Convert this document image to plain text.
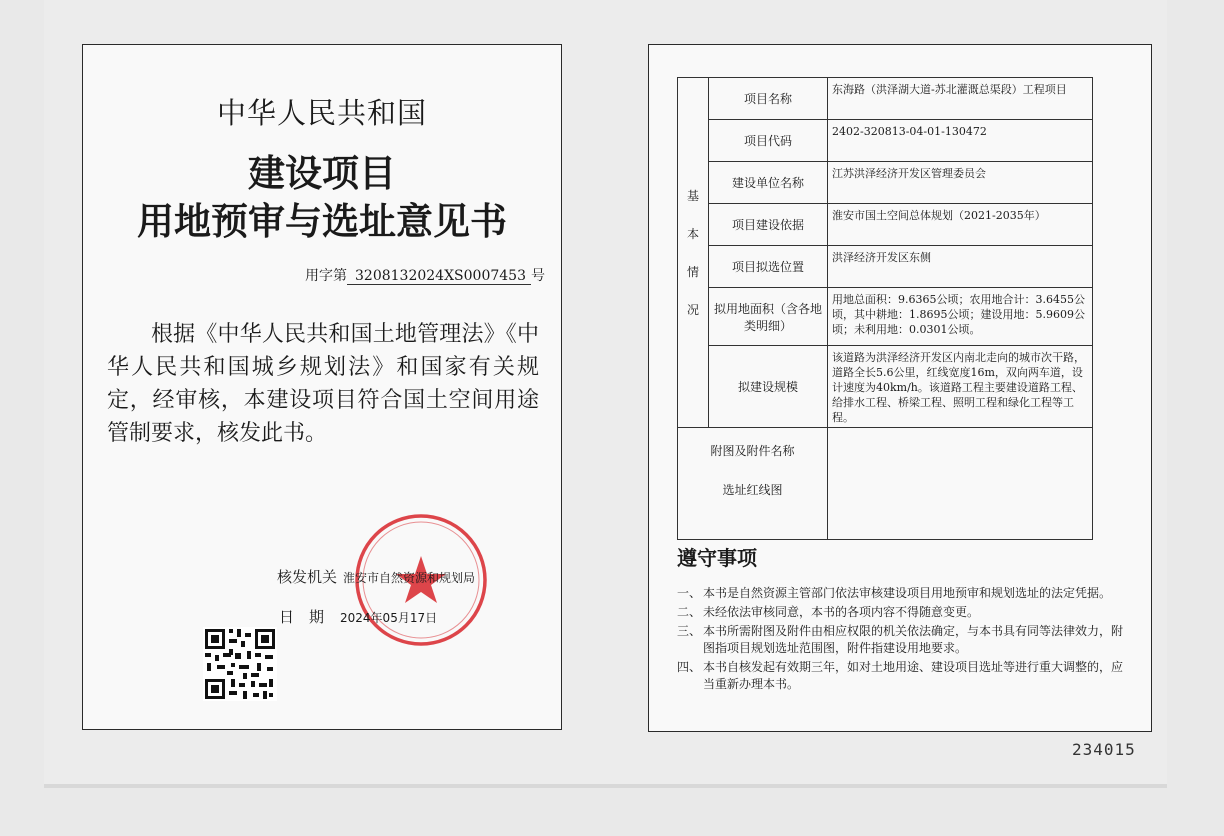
中华人民共和国
建设项目
用地预审与选址意见书
用字第 3208132024XS0007453 号
根据《中华人民共和国土地管理法》《中华人民共和国城乡规划法》和国家有关规定，经审核，本建设项目符合国土空间用途管制要求，核发此书。
核发机关 淮安市自然资源和规划局
日　期 2024年05月17日
基
本
情
况	项目名称	东海路（洪泽湖大道-苏北灌溉总渠段）工程项目
	项目代码	2402-320813-04-01-130472
	建设单位名称	江苏洪泽经济开发区管理委员会
	项目建设依据	淮安市国土空间总体规划（2021-2035年）
	项目拟选位置	洪泽经济开发区东侧
	拟用地面积（含各地类明细）	用地总面积：9.6365公顷；农用地合计：3.6455公顷，其中耕地：1.8695公顷；建设用地：5.9609公顷；未利用地：0.0301公顷。
	拟建设规模	该道路为洪泽经济开发区内南北走向的城市次干路，道路全长5.6公里，红线宽度16m，双向两车道，设计速度为40km/h。该道路工程主要建设道路工程、给排水工程、桥梁工程、照明工程和绿化工程等工程。

附图及附件名称
选址红线图		

遵守事项
一、 本书是自然资源主管部门依法审核建设项目用地预审和规划选址的法定凭据。
二、 未经依法审核同意，本书的各项内容不得随意变更。
三、 本书所需附图及附件由相应权限的机关依法确定，与本书具有同等法律效力，附图指项目规划选址范围图，附件指建设用地要求。
四、 本书自核发起有效期三年，如对土地用途、建设项目选址等进行重大调整的，应当重新办理本书。
234015
